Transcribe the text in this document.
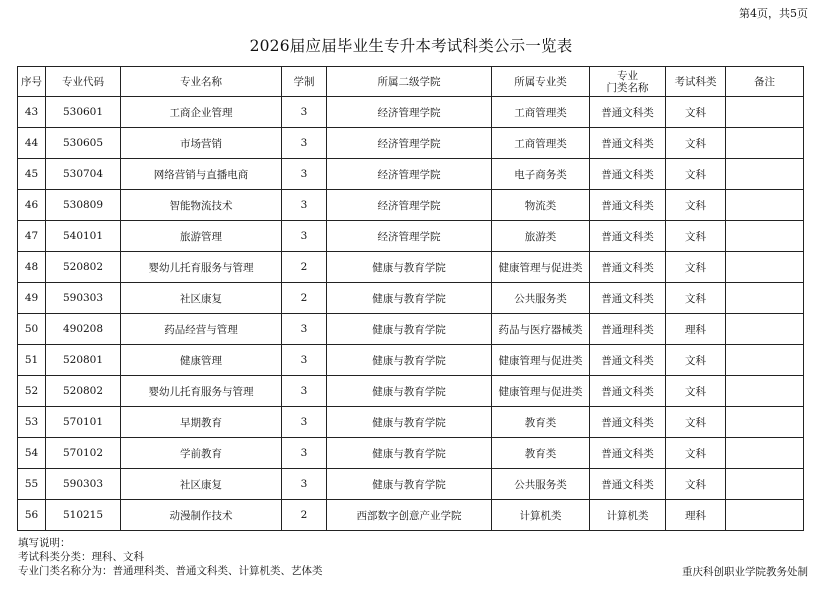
第4页，共5页
2026届应届毕业生专升本考试科类公示一览表
序号	专业代码	专业名称	学制	所属二级学院	所属专业类	专业
门类名称	考试科类	备注
43	530601	工商企业管理	3	经济管理学院	工商管理类	普通文科类	文科	
44	530605	市场营销	3	经济管理学院	工商管理类	普通文科类	文科	
45	530704	网络营销与直播电商	3	经济管理学院	电子商务类	普通文科类	文科	
46	530809	智能物流技术	3	经济管理学院	物流类	普通文科类	文科	
47	540101	旅游管理	3	经济管理学院	旅游类	普通文科类	文科	
48	520802	婴幼儿托育服务与管理	2	健康与教育学院	健康管理与促进类	普通文科类	文科	
49	590303	社区康复	2	健康与教育学院	公共服务类	普通文科类	文科	
50	490208	药品经营与管理	3	健康与教育学院	药品与医疗器械类	普通理科类	理科	
51	520801	健康管理	3	健康与教育学院	健康管理与促进类	普通文科类	文科	
52	520802	婴幼儿托育服务与管理	3	健康与教育学院	健康管理与促进类	普通文科类	文科	
53	570101	早期教育	3	健康与教育学院	教育类	普通文科类	文科	
54	570102	学前教育	3	健康与教育学院	教育类	普通文科类	文科	
55	590303	社区康复	3	健康与教育学院	公共服务类	普通文科类	文科	
56	510215	动漫制作技术	2	西部数字创意产业学院	计算机类	计算机类	理科	
填写说明：
考试科类分类：理科、文科
专业门类名称分为：普通理科类、普通文科类、计算机类、艺体类	重庆科创职业学院教务处制
